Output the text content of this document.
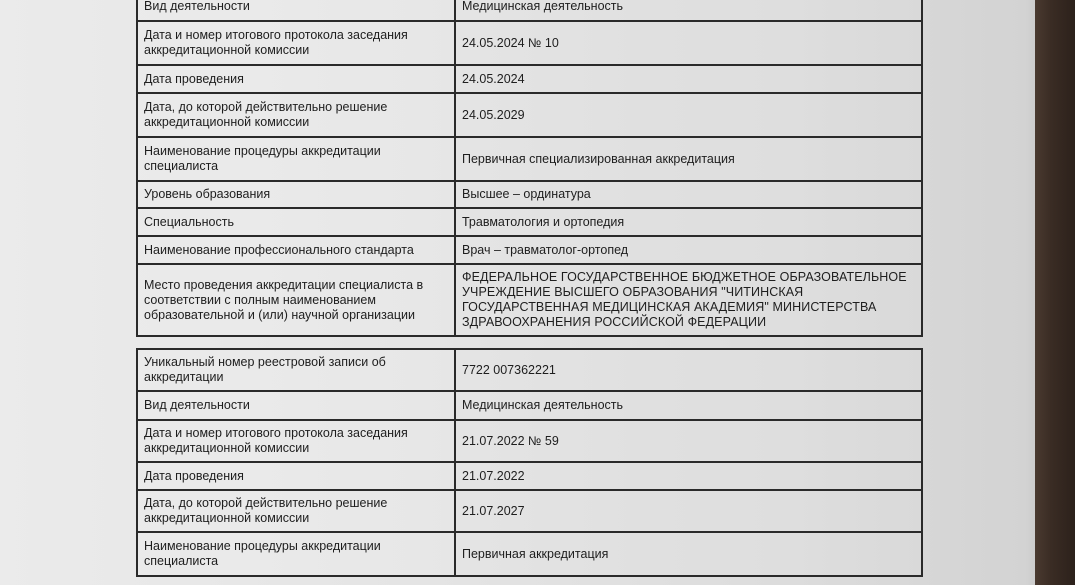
Вид деятельности	Медицинская деятельность
Дата и номер итогового протокола заседания аккредитационной комиссии	24.05.2024 № 10
Дата проведения	24.05.2024
Дата, до которой действительно решение аккредитационной комиссии	24.05.2029
Наименование процедуры аккредитации специалиста	Первичная специализированная аккредитация
Уровень образования	Высшее – ординатура
Специальность	Травматология и ортопедия
Наименование профессионального стандарта	Врач – травматолог-ортопед
Место проведения аккредитации специалиста в соответствии с полным наименованием образовательной и (или) научной организации	ФЕДЕРАЛЬНОЕ ГОСУДАРСТВЕННОЕ БЮДЖЕТНОЕ ОБРАЗОВАТЕЛЬНОЕ УЧРЕЖДЕНИЕ ВЫСШЕГО ОБРАЗОВАНИЯ "ЧИТИНСКАЯ ГОСУДАРСТВЕННАЯ МЕДИЦИНСКАЯ АКАДЕМИЯ" МИНИСТЕРСТВА ЗДРАВООХРАНЕНИЯ РОССИЙСКОЙ ФЕДЕРАЦИИ
Уникальный номер реестровой записи об аккредитации	7722 007362221
Вид деятельности	Медицинская деятельность
Дата и номер итогового протокола заседания аккредитационной комиссии	21.07.2022 № 59
Дата проведения	21.07.2022
Дата, до которой действительно решение аккредитационной комиссии	21.07.2027
Наименование процедуры аккредитации специалиста	Первичная аккредитация
